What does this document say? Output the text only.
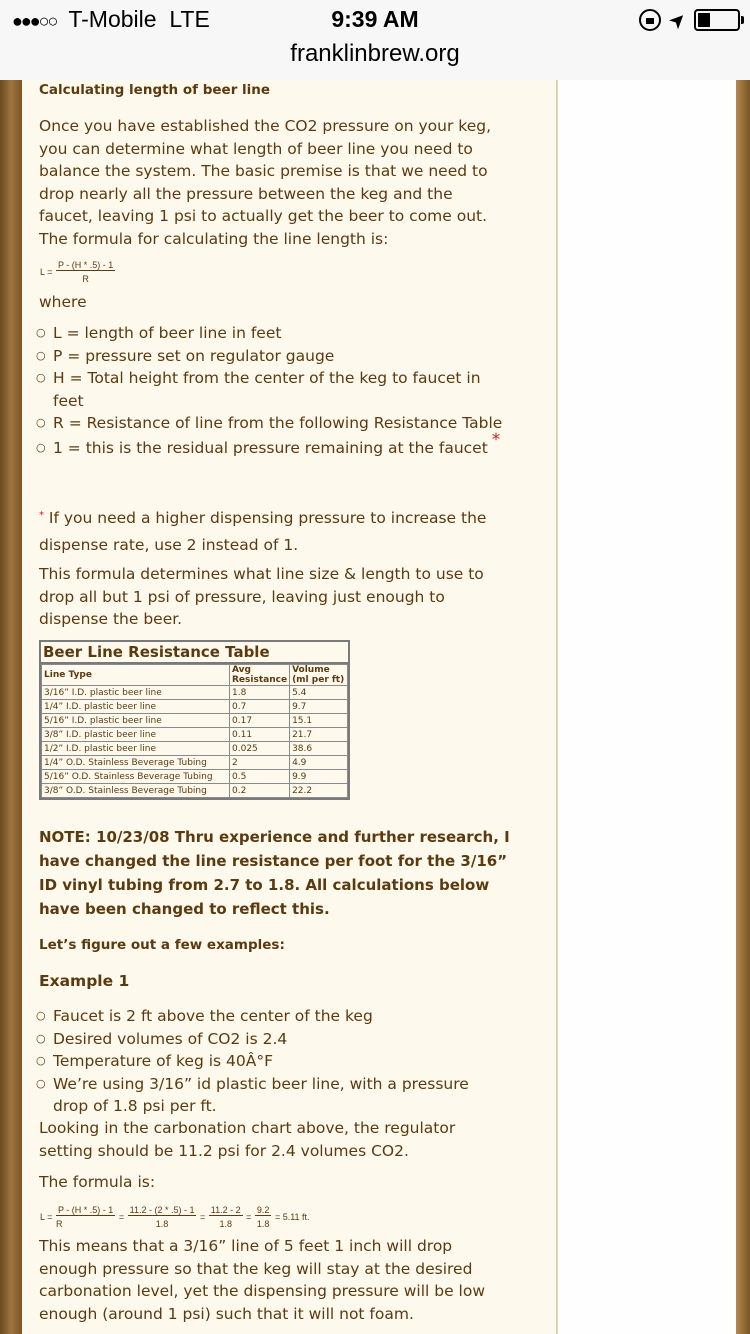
●●●○○ T-Mobile LTE	9:39 AM
franklinbrew.org
➤
Calculating length of beer line
Once you have established the CO2 pressure on your keg, you can determine what length of beer line you need to balance the system. The basic premise is that we need to drop nearly all the pressure between the keg and the faucet, leaving 1 psi to actually get the beer to come out. The formula for calculating the line length is:
$L = \frac{P - (H * .5) - 1}{R}$
where
○ L = length of beer line in feet
○ P = pressure set on regulator gauge
○ H = Total height from the center of the keg to faucet in feet
○ R = Resistance of line from the following Resistance Table
○ 1 = this is the residual pressure remaining at the faucet *
* If you need a higher dispensing pressure to increase the dispense rate, use 2 instead of 1.
This formula determines what line size & length to use to drop all but 1 psi of pressure, leaving just enough to dispense the beer.
Beer Line Resistance Table
Line Type	Avg Resistance	Volume (ml per ft)
3/16” I.D. plastic beer line	1.8	5.4
1/4” I.D. plastic beer line	0.7	9.7
5/16” I.D. plastic beer line	0.17	15.1
3/8” I.D. plastic beer line	0.11	21.7
1/2” I.D. plastic beer line	0.025	38.6
1/4” O.D. Stainless Beverage Tubing	2	4.9
5/16” O.D. Stainless Beverage Tubing	0.5	9.9
3/8” O.D. Stainless Beverage Tubing	0.2	22.2
NOTE: 10/23/08 Thru experience and further research, I have changed the line resistance per foot for the 3/16” ID vinyl tubing from 2.7 to 1.8. All calculations below have been changed to reflect this.
Let’s figure out a few examples:
Example 1
○ Faucet is 2 ft above the center of the keg
○ Desired volumes of CO2 is 2.4
○ Temperature of keg is 40Â°F
○ We’re using 3/16” id plastic beer line, with a pressure drop of 1.8 psi per ft.
Looking in the carbonation chart above, the regulator setting should be 11.2 psi for 2.4 volumes CO2.
The formula is:
$L = \frac{P - (H * .5) - 1}{R} = \frac{11.2 - (2 * .5) - 1}{1.8} = \frac{11.2 - 2}{1.8} = \frac{9.2}{1.8} = 5.11$ ft.
This means that a 3/16” line of 5 feet 1 inch will drop enough pressure so that the keg will stay at the desired carbonation level, yet the dispensing pressure will be low enough (around 1 psi) such that it will not foam.
